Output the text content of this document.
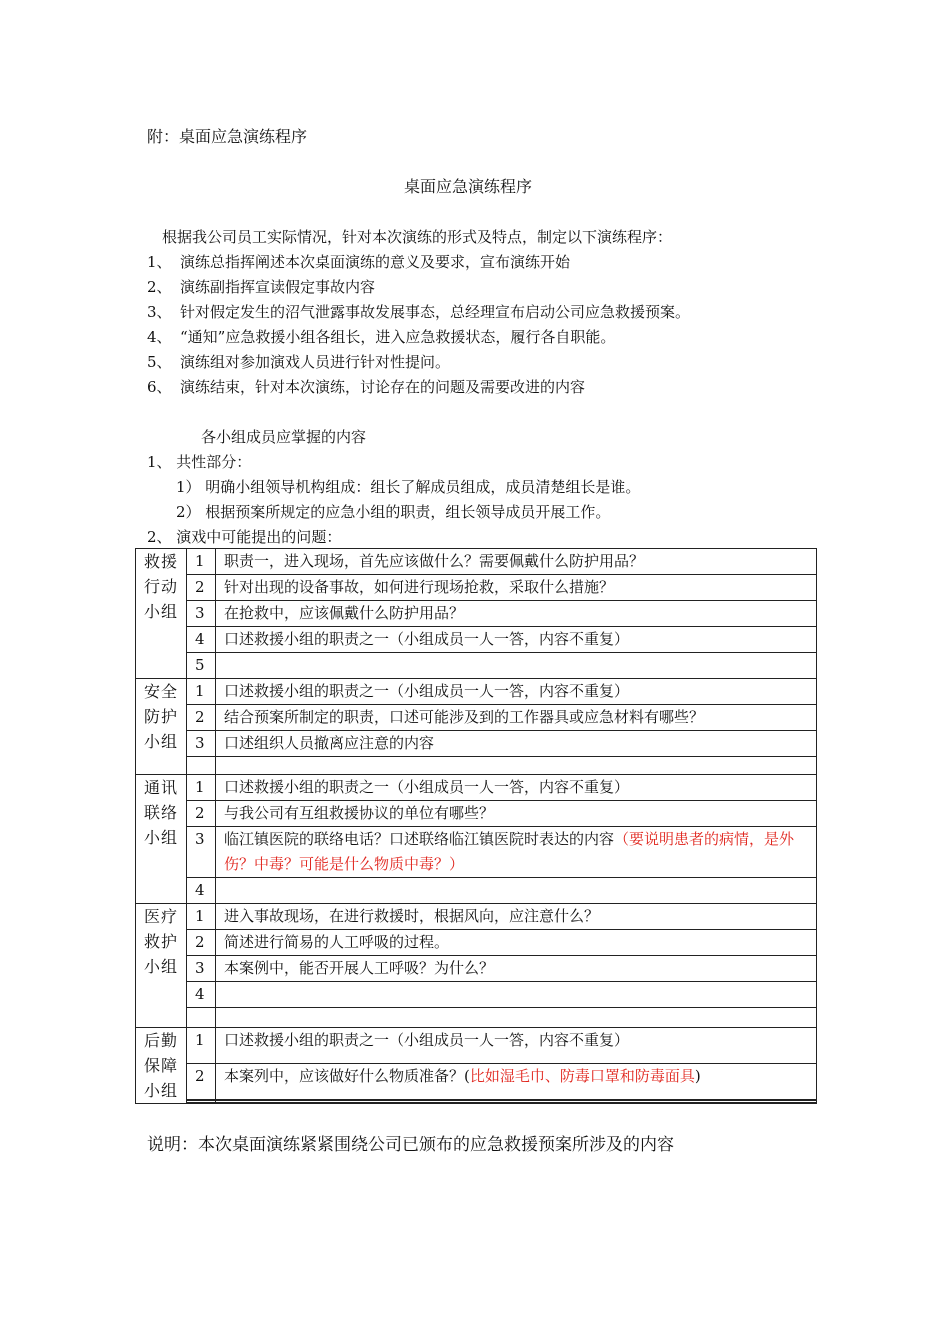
附：桌面应急演练程序
桌面应急演练程序
根据我公司员工实际情况，针对本次演练的形式及特点，制定以下演练程序：
1、 演练总指挥阐述本次桌面演练的意义及要求，宣布演练开始
2、 演练副指挥宣读假定事故内容
3、 针对假定发生的沼气泄露事故发展事态，总经理宣布启动公司应急救援预案。
4、 “通知”应急救援小组各组长，进入应急救援状态，履行各自职能。
5、 演练组对参加演戏人员进行针对性提问。
6、 演练结束，针对本次演练，讨论存在的问题及需要改进的内容
各小组成员应掌握的内容
1、 共性部分：
1） 明确小组领导机构组成：组长了解成员组成，成员清楚组长是谁。
2） 根据预案所规定的应急小组的职责，组长领导成员开展工作。
2、 演戏中可能提出的问题：
救援
行动
小组	1	职责一，进入现场，首先应该做什么？需要佩戴什么防护用品？
	2	针对出现的设备事故，如何进行现场抢救，采取什么措施？
	3	在抢救中，应该佩戴什么防护用品？
	4	口述救援小组的职责之一（小组成员一人一答，内容不重复）
	5	

安全
防护
小组	1	口述救援小组的职责之一（小组成员一人一答，内容不重复）
	2	结合预案所制定的职责，口述可能涉及到的工作器具或应急材料有哪些？
	3	口述组织人员撤离应注意的内容

通讯
联络
小组	1	口述救援小组的职责之一（小组成员一人一答，内容不重复）
	2	与我公司有互组救援协议的单位有哪些？
	3	临江镇医院的联络电话？口述联络临江镇医院时表达的内容（要说明患者的病情，是外伤？中毒？可能是什么物质中毒？）
	4	

医疗
救护
小组	1	进入事故现场，在进行救援时，根据风向，应注意什么？
	2	简述进行简易的人工呼吸的过程。
	3	本案例中，能否开展人工呼吸？为什么？
	4	

后勤
保障
小组	1	口述救援小组的职责之一（小组成员一人一答，内容不重复）
	2	本案列中，应该做好什么物质准备？(比如湿毛巾、防毒口罩和防毒面具)

说明：本次桌面演练紧紧围绕公司已颁布的应急救援预案所涉及的内容
